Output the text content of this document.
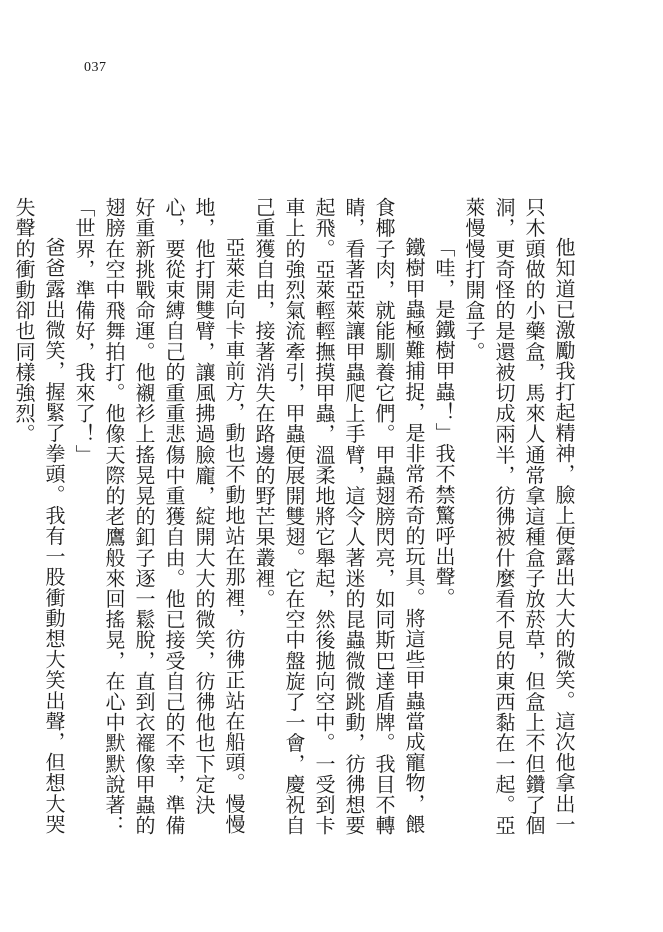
037

他知道已激勵我打起精神，臉上便露出大大的微笑。這次他拿出一只木頭做的小藥盒，馬來人通常拿這種盒子放菸草，但盒上不但鑽了個洞，更奇怪的是還被切成兩半，彷彿被什麼看不見的東西黏在一起。亞萊慢慢打開盒子。

「哇，是鐵樹甲蟲！」我不禁驚呼出聲。

鐵樹甲蟲極難捕捉，是非常希奇的玩具。將這些甲蟲當成寵物，餵食椰子肉，就能馴養它們。甲蟲翅膀閃亮，如同斯巴達盾牌。我目不轉睛，看著亞萊讓甲蟲爬上手臂，這令人著迷的昆蟲微微跳動，彷彿想要起飛。亞萊輕輕撫摸甲蟲，溫柔地將它舉起，然後拋向空中。一受到卡車上的強烈氣流牽引，甲蟲便展開雙翅。它在空中盤旋了一會，慶祝自己重獲自由，接著消失在路邊的野芒果叢裡。

亞萊走向卡車前方，動也不動地站在那裡，彷彿正站在船頭。慢慢地，他打開雙臂，讓風拂過臉龐，綻開大大的微笑，彷彿他也下定決心，要從束縛自己的重重悲傷中重獲自由。他已接受自己的不幸，準備好重新挑戰命運。他襯衫上搖晃晃的釦子逐一鬆脫，直到衣襬像甲蟲的翅膀在空中飛舞拍打。他像天際的老鷹般來回搖晃，在心中默默說著：「世界，準備好，我來了！」

爸爸露出微笑，握緊了拳頭。我有一股衝動想大笑出聲，但想大哭失聲的衝動卻也同樣強烈。
